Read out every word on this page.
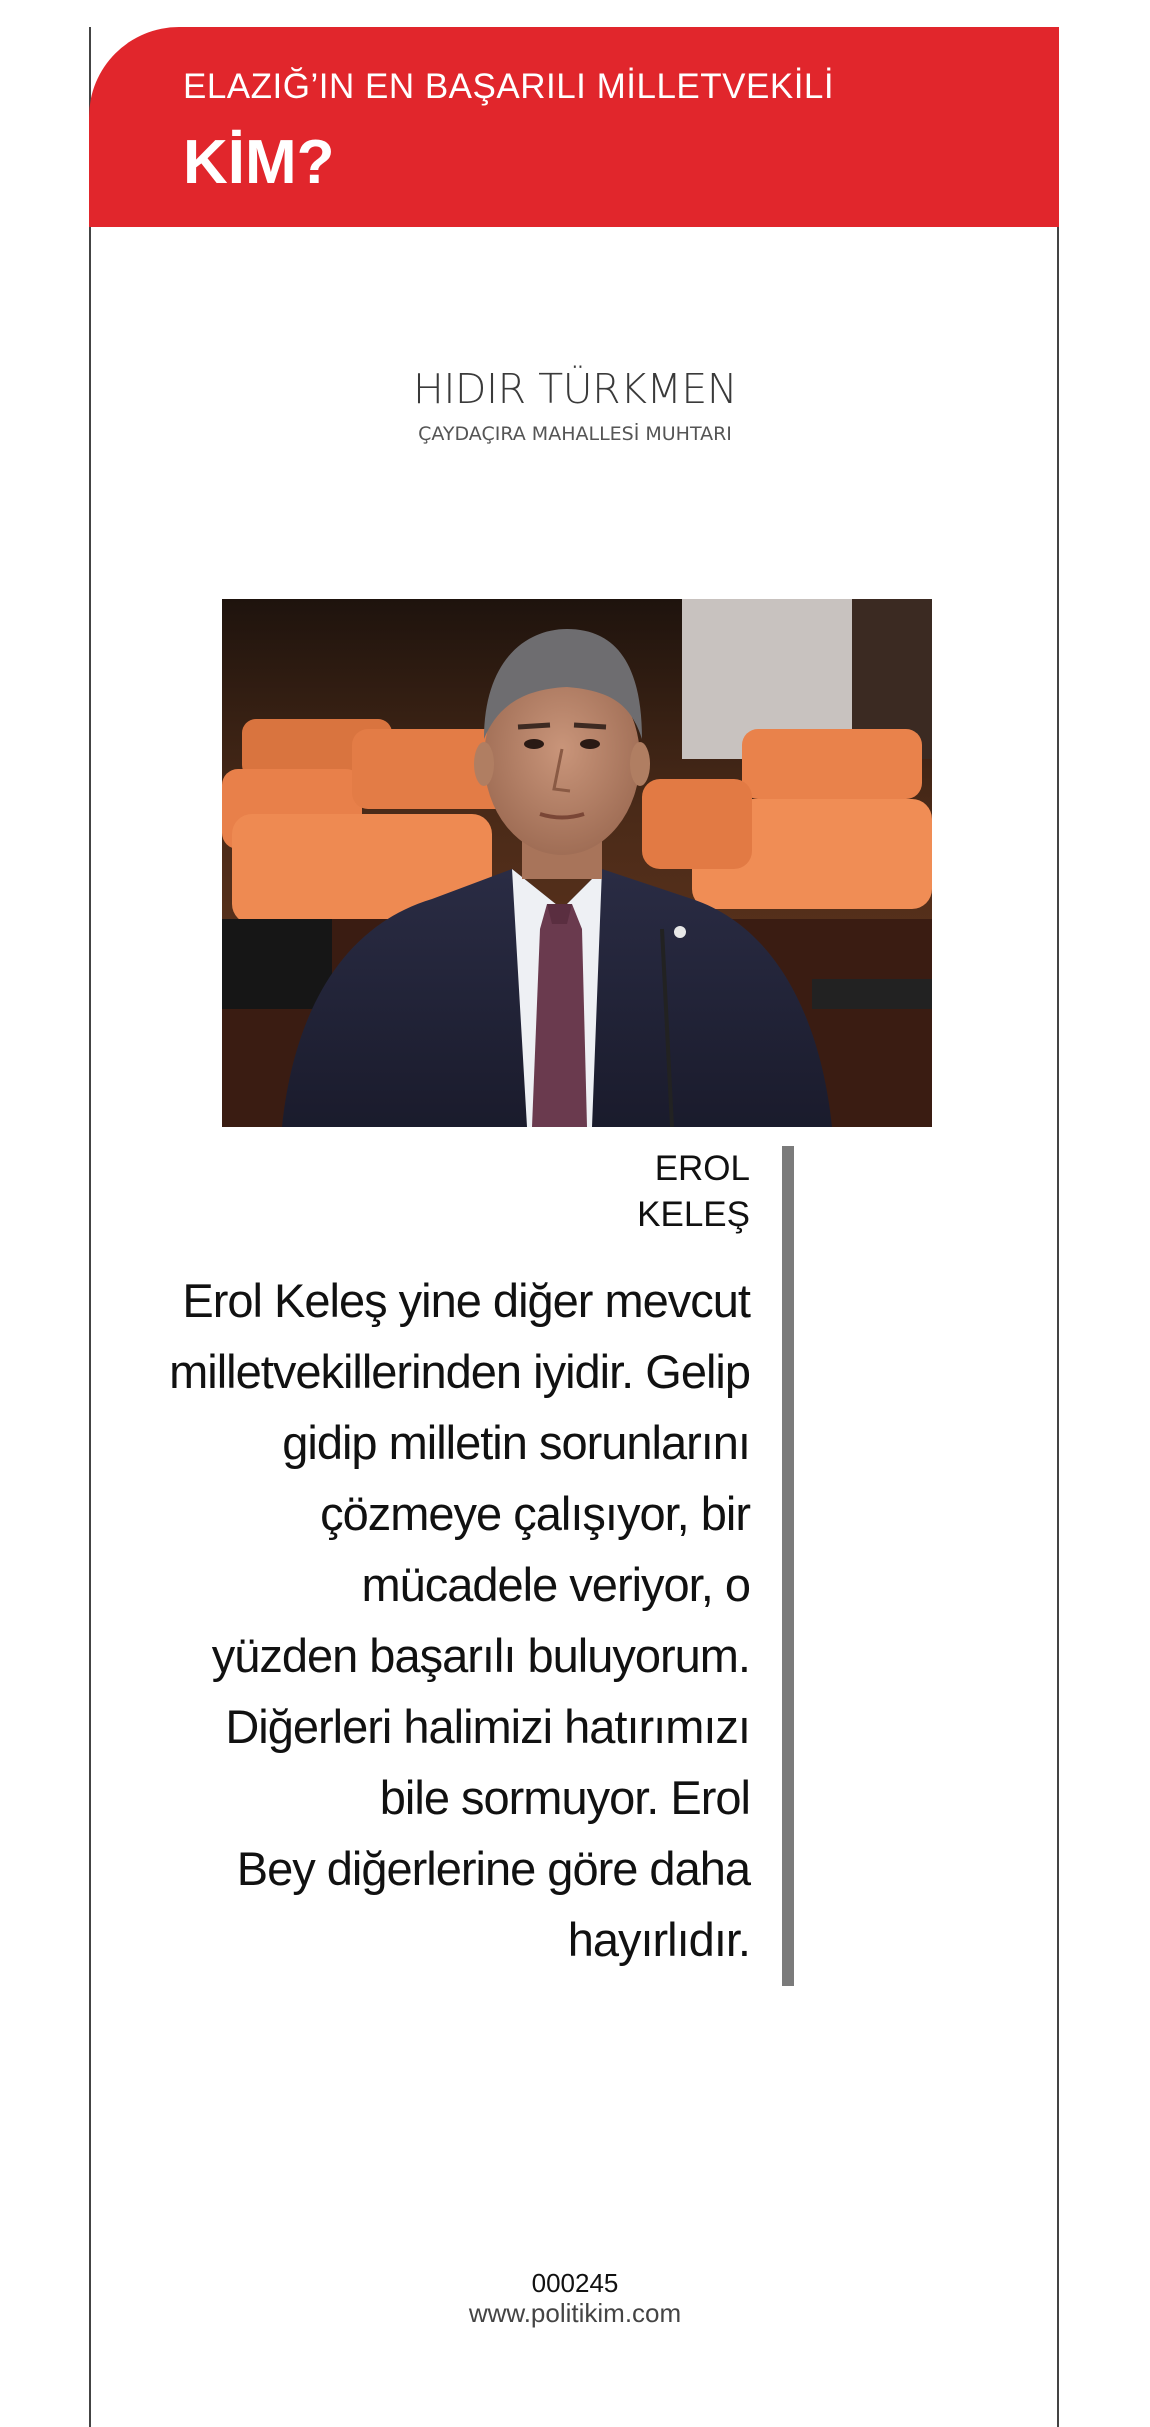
ELAZIĞ’IN EN BAŞARILI MİLLETVEKİLİ
KİM?
HIDIR TÜRKMEN
ÇAYDAÇIRA MAHALLESİ MUHTARI
EROL
KELEŞ
Erol Keleş yine diğer mevcut
milletvekillerinden iyidir. Gelip
gidip milletin sorunlarını
çözmeye çalışıyor, bir
mücadele veriyor, o
yüzden başarılı buluyorum.
Diğerleri halimizi hatırımızı
bile sormuyor. Erol
Bey diğerlerine göre daha
hayırlıdır.
000245
www.politikim.com
